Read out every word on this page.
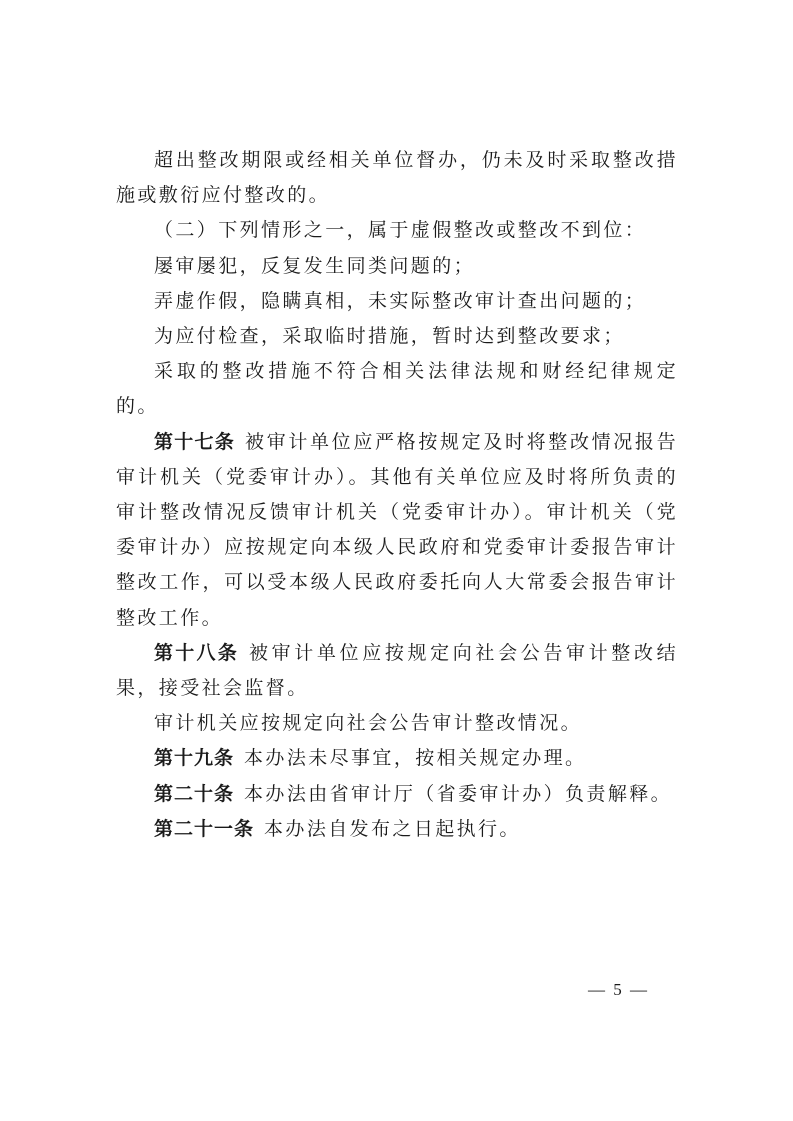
超出整改期限或经相关单位督办，仍未及时采取整改措施或敷衍应付整改的。

（二）下列情形之一，属于虚假整改或整改不到位：

屡审屡犯，反复发生同类问题的；

弄虚作假，隐瞒真相，未实际整改审计查出问题的；

为应付检查，采取临时措施，暂时达到整改要求；

采取的整改措施不符合相关法律法规和财经纪律规定的。

第十七条 被审计单位应严格按规定及时将整改情况报告审计机关（党委审计办）。其他有关单位应及时将所负责的审计整改情况反馈审计机关（党委审计办）。审计机关（党委审计办）应按规定向本级人民政府和党委审计委报告审计整改工作，可以受本级人民政府委托向人大常委会报告审计整改工作。

第十八条 被审计单位应按规定向社会公告审计整改结果，接受社会监督。

审计机关应按规定向社会公告审计整改情况。

第十九条 本办法未尽事宜，按相关规定办理。

第二十条 本办法由省审计厅（省委审计办）负责解释。

第二十一条 本办法自发布之日起执行。

— 5 —
